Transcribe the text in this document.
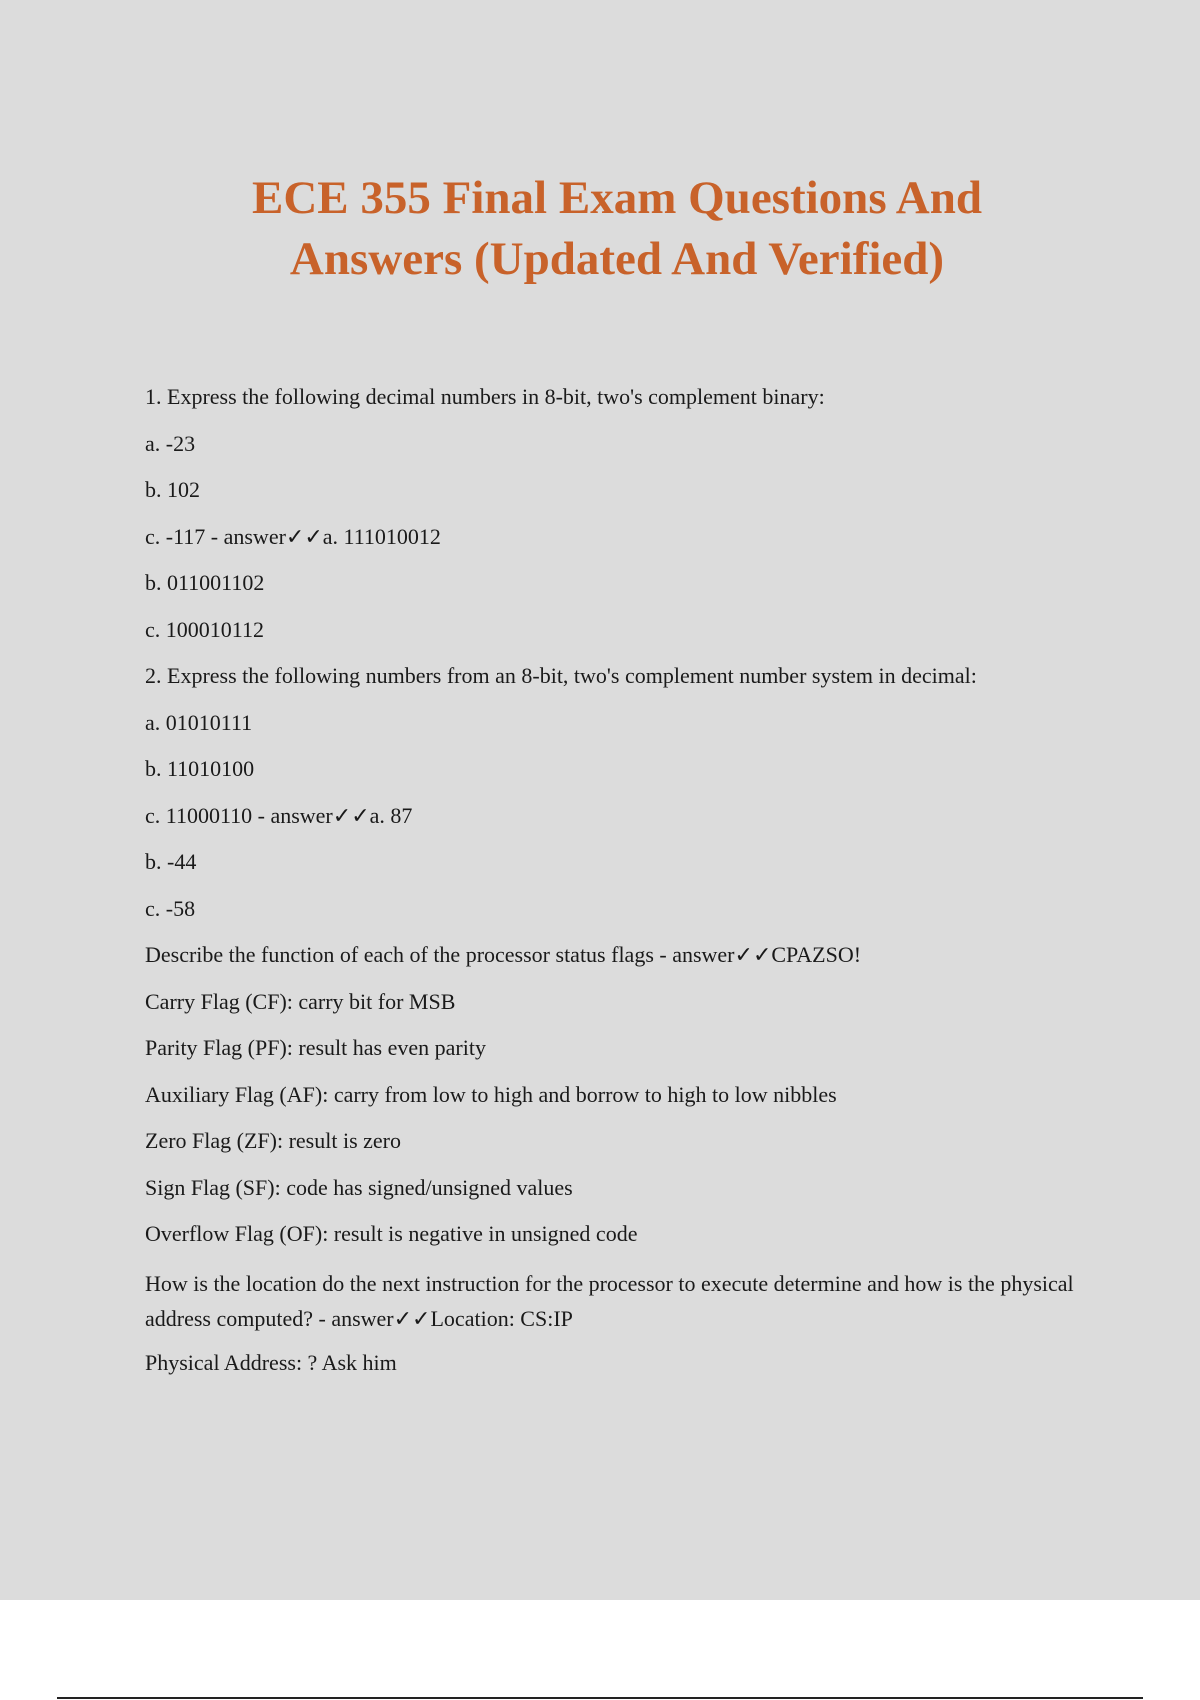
ECE 355 Final Exam Questions And
Answers (Updated And Verified)

1. Express the following decimal numbers in 8-bit, two's complement binary:

a. -23

b. 102

c. -117 - answer✓✓a. 111010012

b. 011001102

c. 100010112

2. Express the following numbers from an 8-bit, two's complement number system in decimal:

a. 01010111

b. 11010100

c. 11000110 - answer✓✓a. 87

b. -44

c. -58

Describe the function of each of the processor status flags - answer✓✓CPAZSO!

Carry Flag (CF): carry bit for MSB

Parity Flag (PF): result has even parity

Auxiliary Flag (AF): carry from low to high and borrow to high to low nibbles

Zero Flag (ZF): result is zero

Sign Flag (SF): code has signed/unsigned values

Overflow Flag (OF): result is negative in unsigned code

How is the location do the next instruction for the processor to execute determine and how is the physical address computed? - answer✓✓Location: CS:IP

Physical Address: ? Ask him
